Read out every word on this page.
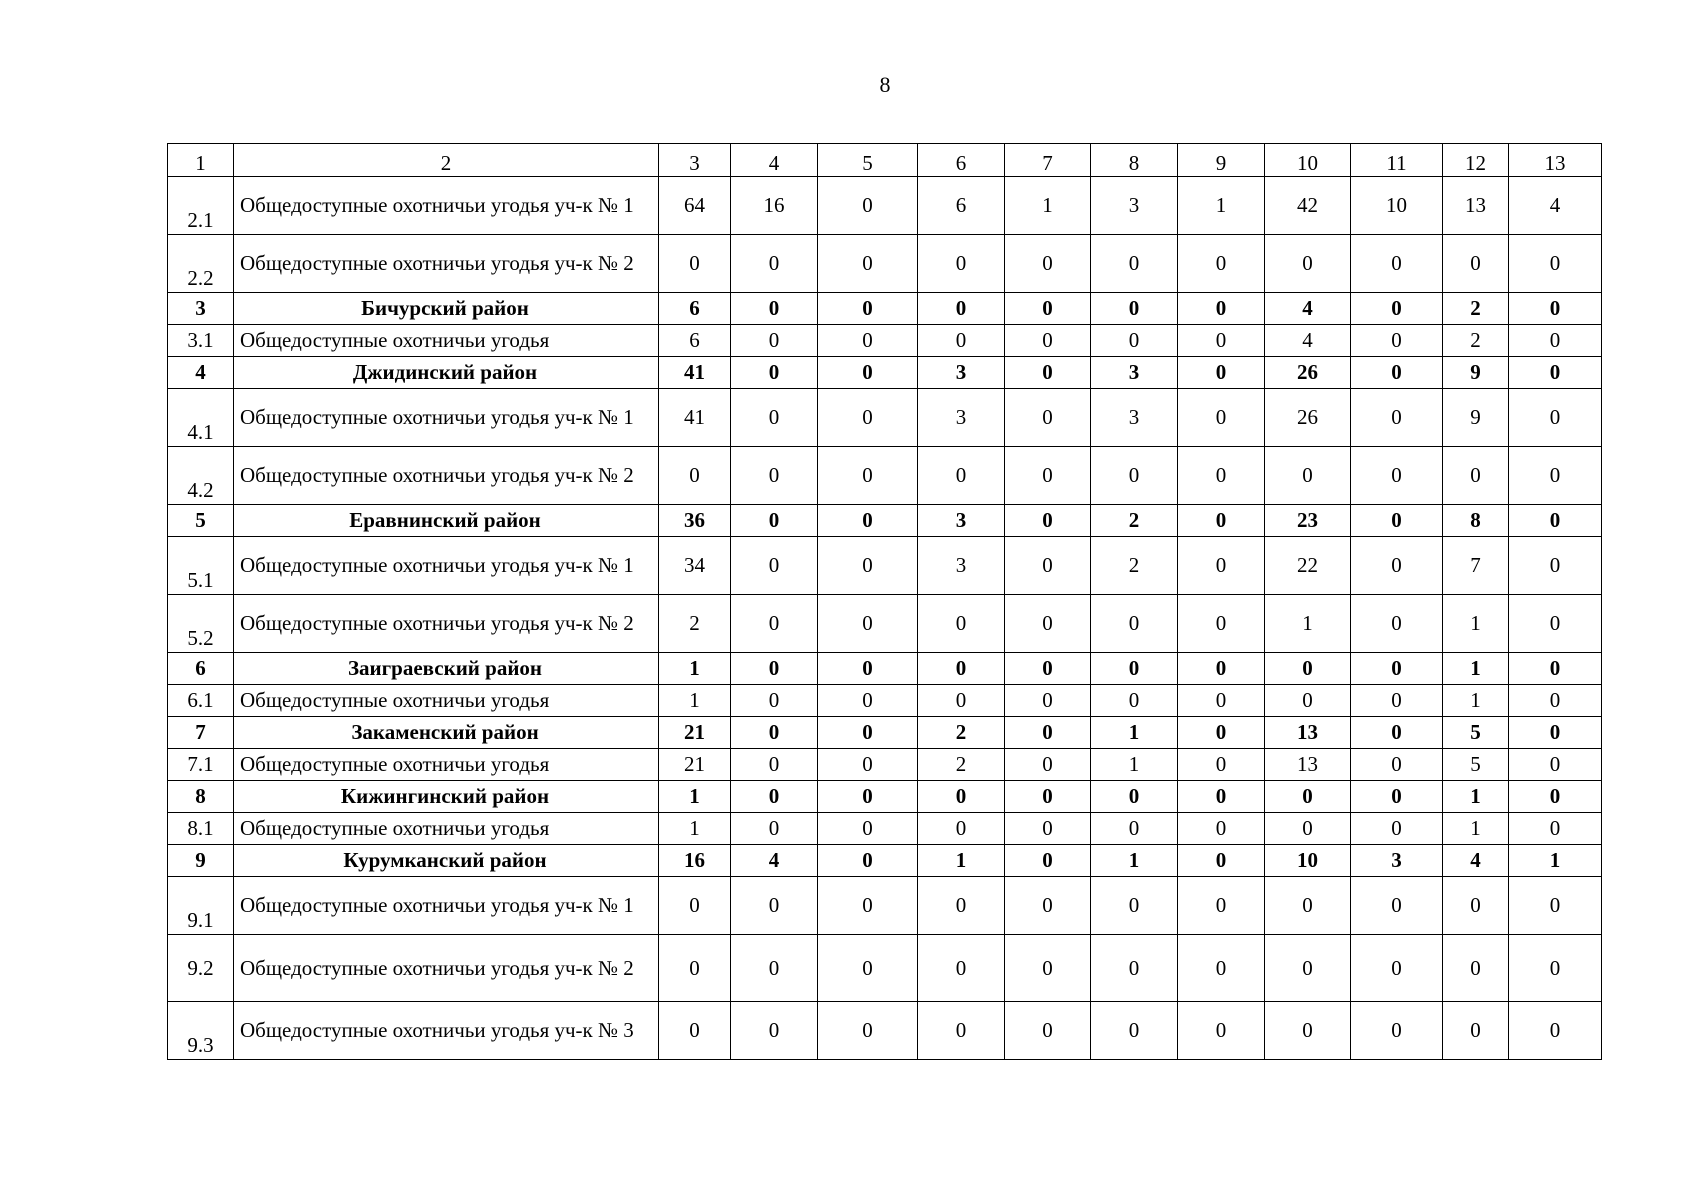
8
1	2	3	4	5	6	7	8	9	10	11	12	13
2.1	Общедоступные охотничьи угодья уч-к № 1	64	16	0	6	1	3	1	42	10	13	4
2.2	Общедоступные охотничьи угодья уч-к № 2	0	0	0	0	0	0	0	0	0	0	0
3	Бичурский район	6	0	0	0	0	0	0	4	0	2	0
3.1	Общедоступные охотничьи угодья	6	0	0	0	0	0	0	4	0	2	0
4	Джидинский район	41	0	0	3	0	3	0	26	0	9	0
4.1	Общедоступные охотничьи угодья уч-к № 1	41	0	0	3	0	3	0	26	0	9	0
4.2	Общедоступные охотничьи угодья уч-к № 2	0	0	0	0	0	0	0	0	0	0	0
5	Еравнинский район	36	0	0	3	0	2	0	23	0	8	0
5.1	Общедоступные охотничьи угодья уч-к № 1	34	0	0	3	0	2	0	22	0	7	0
5.2	Общедоступные охотничьи угодья уч-к № 2	2	0	0	0	0	0	0	1	0	1	0
6	Заиграевский район	1	0	0	0	0	0	0	0	0	1	0
6.1	Общедоступные охотничьи угодья	1	0	0	0	0	0	0	0	0	1	0
7	Закаменский район	21	0	0	2	0	1	0	13	0	5	0
7.1	Общедоступные охотничьи угодья	21	0	0	2	0	1	0	13	0	5	0
8	Кижингинский район	1	0	0	0	0	0	0	0	0	1	0
8.1	Общедоступные охотничьи угодья	1	0	0	0	0	0	0	0	0	1	0
9	Курумканский район	16	4	0	1	0	1	0	10	3	4	1
9.1	Общедоступные охотничьи угодья уч-к № 1	0	0	0	0	0	0	0	0	0	0	0
9.2	Общедоступные охотничьи угодья уч-к № 2	0	0	0	0	0	0	0	0	0	0	0
9.3	Общедоступные охотничьи угодья уч-к № 3	0	0	0	0	0	0	0	0	0	0	0
